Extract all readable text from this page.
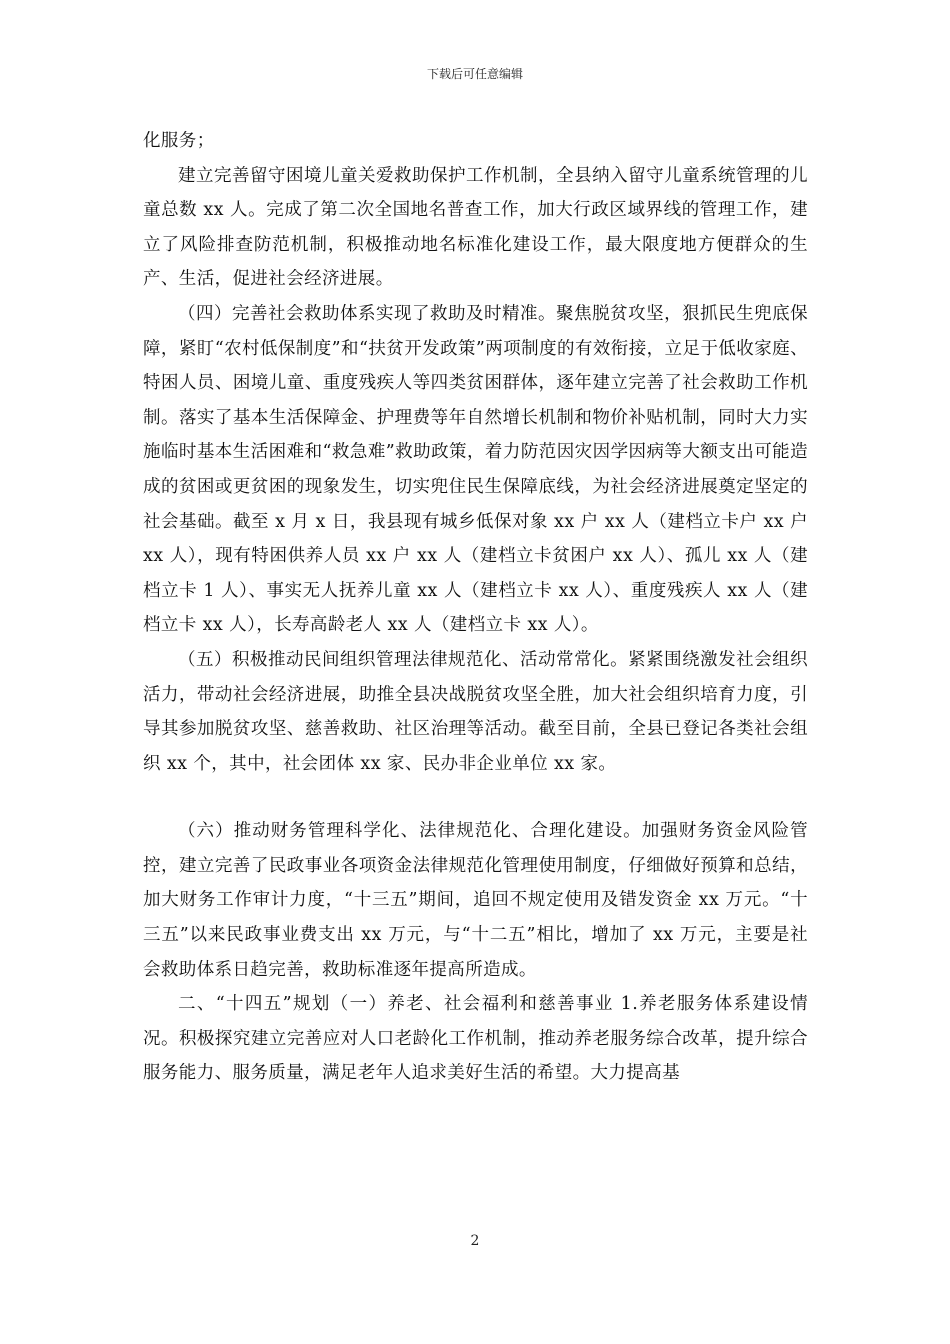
下载后可任意编辑

化服务；

建立完善留守困境儿童关爱救助保护工作机制，全县纳入留守儿童系统管理的儿童总数 xx 人。完成了第二次全国地名普查工作，加大行政区域界线的管理工作，建立了风险排查防范机制，积极推动地名标准化建设工作，最大限度地方便群众的生产、生活，促进社会经济进展。

（四）完善社会救助体系实现了救助及时精准。聚焦脱贫攻坚，狠抓民生兜底保障，紧盯“农村低保制度”和“扶贫开发政策”两项制度的有效衔接，立足于低收家庭、特困人员、困境儿童、重度残疾人等四类贫困群体，逐年建立完善了社会救助工作机制。落实了基本生活保障金、护理费等年自然增长机制和物价补贴机制，同时大力实施临时基本生活困难和“救急难”救助政策，着力防范因灾因学因病等大额支出可能造成的贫困或更贫困的现象发生，切实兜住民生保障底线，为社会经济进展奠定坚定的社会基础。截至 x 月 x 日，我县现有城乡低保对象 xx 户 xx 人（建档立卡户 xx 户 xx 人），现有特困供养人员 xx 户 xx 人（建档立卡贫困户 xx 人）、孤儿 xx 人（建档立卡 1 人）、事实无人抚养儿童 xx 人（建档立卡 xx 人）、重度残疾人 xx 人（建档立卡 xx 人），长寿高龄老人 xx 人（建档立卡 xx 人）。

（五）积极推动民间组织管理法律规范化、活动常常化。紧紧围绕激发社会组织活力，带动社会经济进展，助推全县决战脱贫攻坚全胜，加大社会组织培育力度，引导其参加脱贫攻坚、慈善救助、社区治理等活动。截至目前，全县已登记各类社会组织 xx 个，其中，社会团体 xx 家、民办非企业单位 xx 家。

（六）推动财务管理科学化、法律规范化、合理化建设。加强财务资金风险管控，建立完善了民政事业各项资金法律规范化管理使用制度，仔细做好预算和总结，加大财务工作审计力度，“十三五”期间，追回不规定使用及错发资金 xx 万元。“十三五”以来民政事业费支出 xx 万元，与“十二五”相比，增加了 xx 万元，主要是社会救助体系日趋完善，救助标准逐年提高所造成。

二、“十四五”规划（一）养老、社会福利和慈善事业 1.养老服务体系建设情况。积极探究建立完善应对人口老龄化工作机制，推动养老服务综合改革，提升综合服务能力、服务质量，满足老年人追求美好生活的希望。大力提高基

2
